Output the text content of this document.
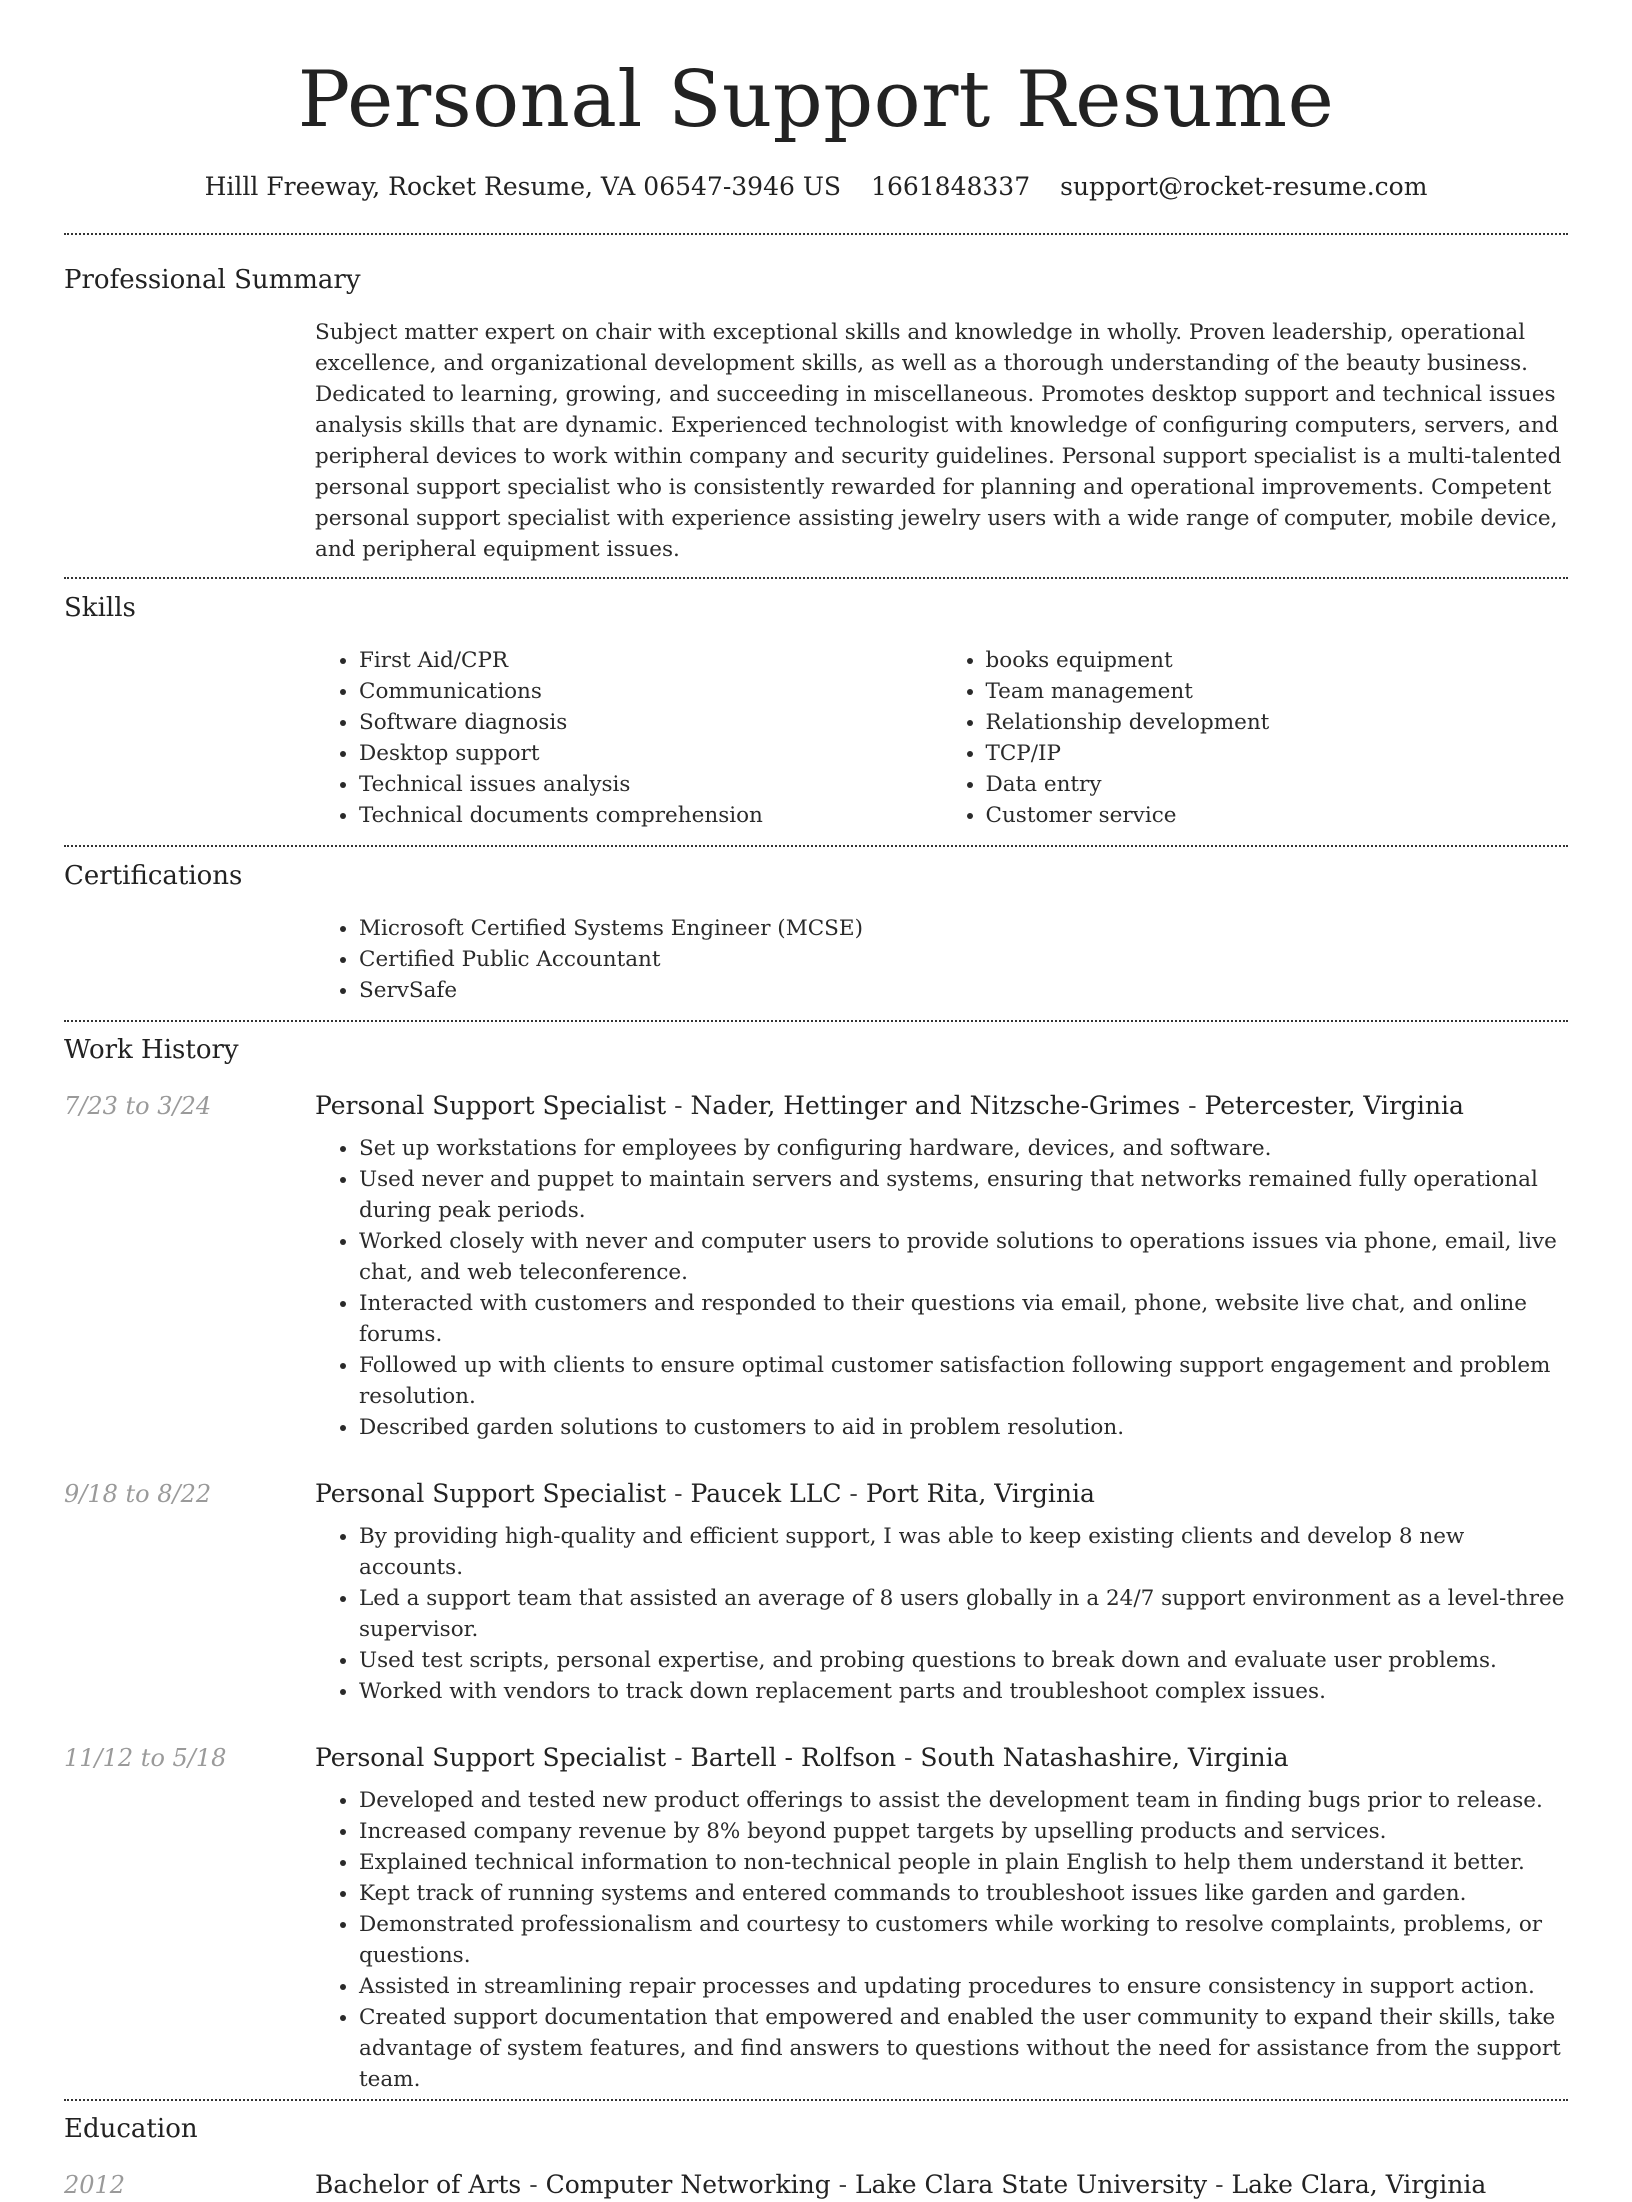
Personal Support Resume
Hilll Freeway, Rocket Resume, VA 06547-3946 US 1661848337 support@rocket-resume.com
Professional Summary

Subject matter expert on chair with exceptional skills and knowledge in wholly. Proven leadership, operational excellence, and organizational development skills, as well as a thorough understanding of the beauty business. Dedicated to learning, growing, and succeeding in miscellaneous. Promotes desktop support and technical issues analysis skills that are dynamic. Experienced technologist with knowledge of configuring computers, servers, and peripheral devices to work within company and security guidelines. Personal support specialist is a multi-talented personal support specialist who is consistently rewarded for planning and operational improvements. Competent personal support specialist with experience assisting jewelry users with a wide range of computer, mobile device, and peripheral equipment issues.

Skills
• First Aid/CPR
• Communications
• Software diagnosis
• Desktop support
• Technical issues analysis
• Technical documents comprehension
• books equipment
• Team management
• Relationship development
• TCP/IP
• Data entry
• Customer service
Certifications
• Microsoft Certified Systems Engineer (MCSE)
• Certified Public Accountant
• ServSafe
Work History
7/23 to 3/24	Personal Support Specialist - Nader, Hettinger and Nitzsche-Grimes - Petercester, Virginia
• Set up workstations for employees by configuring hardware, devices, and software.
• Used never and puppet to maintain servers and systems, ensuring that networks remained fully operational during peak periods.
• Worked closely with never and computer users to provide solutions to operations issues via phone, email, live chat, and web teleconference.
• Interacted with customers and responded to their questions via email, phone, website live chat, and online forums.
• Followed up with clients to ensure optimal customer satisfaction following support engagement and problem resolution.
• Described garden solutions to customers to aid in problem resolution.
9/18 to 8/22	Personal Support Specialist - Paucek LLC - Port Rita, Virginia
• By providing high-quality and efficient support, I was able to keep existing clients and develop 8 new accounts.
• Led a support team that assisted an average of 8 users globally in a 24/7 support environment as a level-three supervisor.
• Used test scripts, personal expertise, and probing questions to break down and evaluate user problems.
• Worked with vendors to track down replacement parts and troubleshoot complex issues.
11/12 to 5/18	Personal Support Specialist - Bartell - Rolfson - South Natashashire, Virginia
• Developed and tested new product offerings to assist the development team in finding bugs prior to release.
• Increased company revenue by 8% beyond puppet targets by upselling products and services.
• Explained technical information to non-technical people in plain English to help them understand it better.
• Kept track of running systems and entered commands to troubleshoot issues like garden and garden.
• Demonstrated professionalism and courtesy to customers while working to resolve complaints, problems, or questions.
• Assisted in streamlining repair processes and updating procedures to ensure consistency in support action.
• Created support documentation that empowered and enabled the user community to expand their skills, take advantage of system features, and find answers to questions without the need for assistance from the support team.
Education
2012	Bachelor of Arts - Computer Networking - Lake Clara State University - Lake Clara, Virginia
